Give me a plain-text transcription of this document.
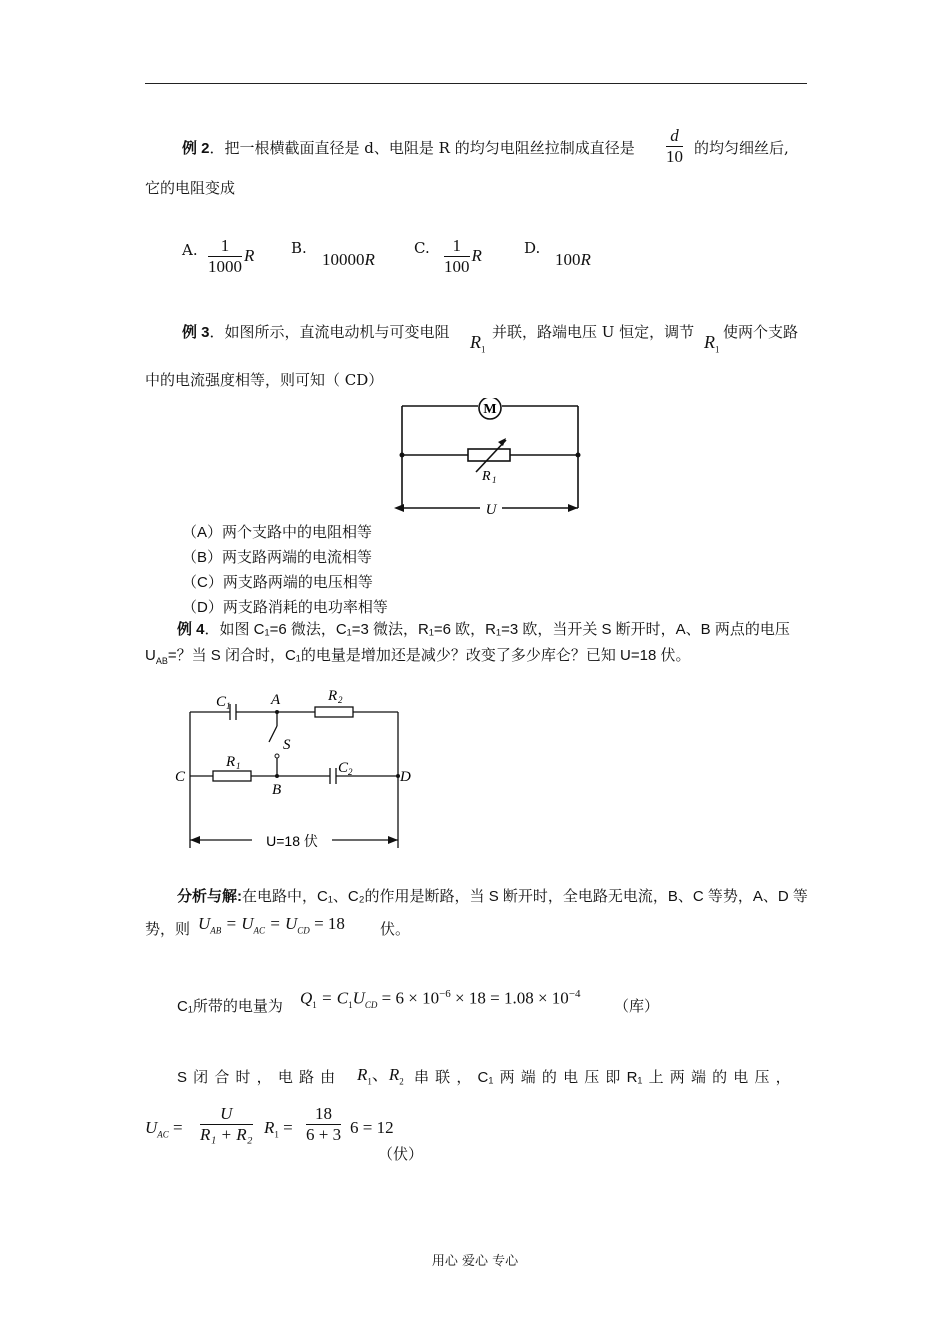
例 2．把一根横截面直径是 d、电阻是 R 的均匀电阻丝拉制成直径是 $\frac{d}{10}$ 的均匀细丝后,
它的电阻变成
A. $\frac{1}{1000}$ R B.
10000R
C. $\frac{1}{100}$ R	D.
100R
例 3．如图所示，直流电动机与可变电阻 $R_1$
并联，路端电压 U 恒定，调节 $R_1$
使两个支路
中的电流强度相等，则可知（ CD）
M
R 1
U
（A）两个支路中的电阻相等
（B）两支路两端的电流相等
（C）两支路两端的电压相等
（D）两支路消耗的电功率相等
例 4．如图 C₁=6 微法，C₁=3 微法，R₁=6 欧，R₁=3 欧，当开关 S 断开时，A、B 两点的电压
$U_{AB}=$？当 S 闭合时，C₁的电量是增加还是减少？改变了多少库仑？已知 U=18 伏。
C 1	A	R 2
S
C
R 1
B
C 2	D
U=18 伏
分析与解:在电路中，C₁、C₂的作用是断路，当 S 断开时，全电路无电流，B、C 等势，A、D 等
势，则 $U_{AB} = U_{AC} = U_{CD} = 18$ 伏。
C₁所带的电量为 $Q_1 = C_1U_{CD} = 6 \times 10^{-6} \times 18 = 1.08 \times 10^{-4}$
（库）
S 闭 合 时 ， 电 路 由 $R_1$、$R_2$ 串 联 ， C₁ 两 端 的 电 压 即 R₁ 上 两 端 的 电 压 ，
$U_{AC} = \frac{U}{\text{R₁ + R₂}} R_1 = \frac{18}{6 + 3} 6 = 12$
（伏）
用心 爱心 专心
